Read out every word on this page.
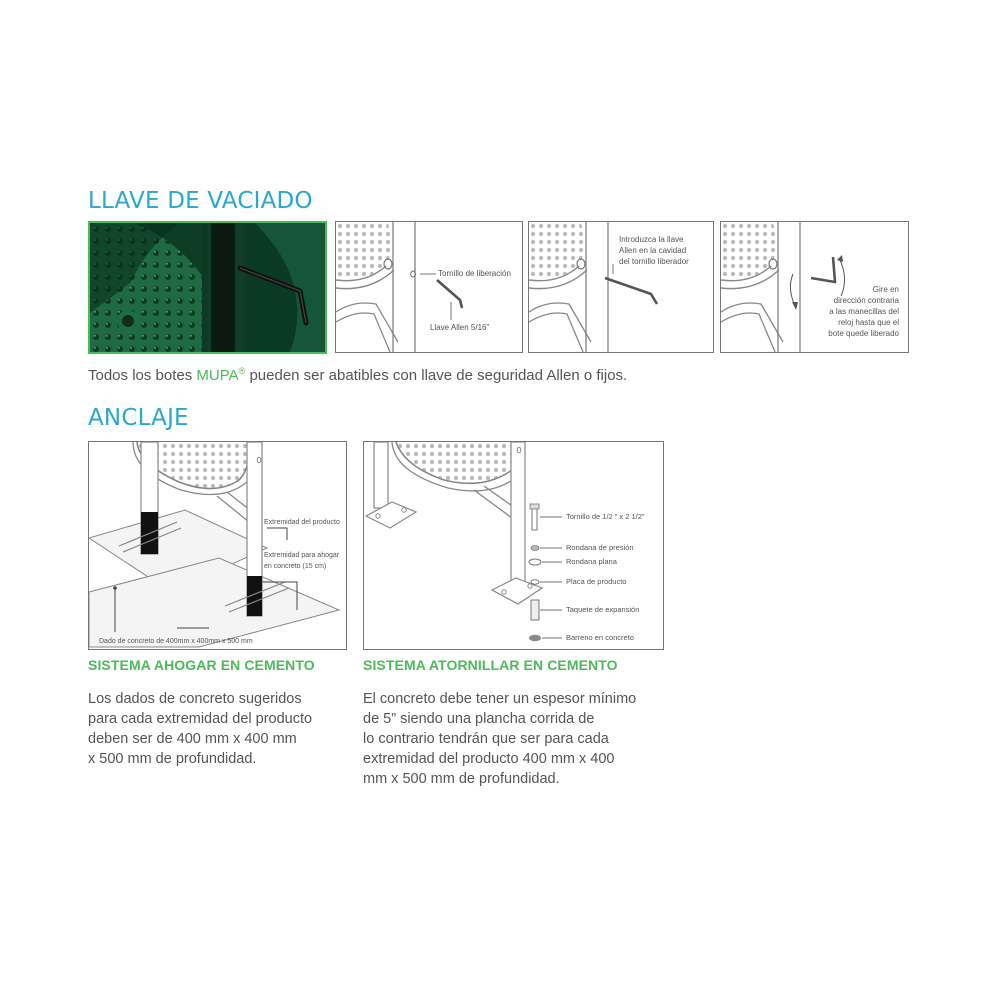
LLAVE DE VACIADO
Tornillo de liberación
Llave Allen 5/16”
Introduzca la llave
Allen en la cavidad
del tornillo liberador
Gire en
dirección contraria
a las manecillas del
reloj hasta que el
bote quede liberado
Todos los botes MUPA® pueden ser abatibles con llave de seguridad Allen o fijos.
ANCLAJE
Extremidad del producto
Extremidad para ahogar
en concreto (15 cm)
Dado de concreto de 400mm x 400mm x 500 mm
Tornillo de 1/2 ” x 2 1/2”
Rondana de presión
Rondana plana
Placa de producto
Taquete de expansión
Barreno en concreto
SISTEMA AHOGAR EN CEMENTO	SISTEMA ATORNILLAR EN CEMENTO
Los dados de concreto sugeridos
para cada extremidad del producto
deben ser de 400 mm x 400 mm
x 500 mm de profundidad.
El concreto debe tener un espesor mínimo
de 5” siendo una plancha corrida de
lo contrario tendrán que ser para cada
extremidad del producto 400 mm x 400
mm x 500 mm de profundidad.
